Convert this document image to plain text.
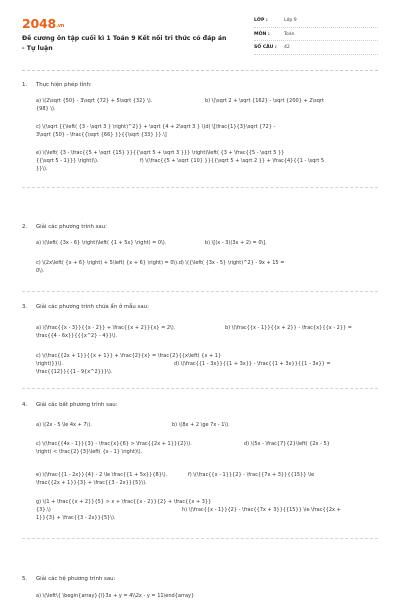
2048.vn
Đề cương ôn tập cuối kì 1 Toán 9 Kết nối tri thức có đáp án
- Tự luận
LỚP :	Lớp 9
MÔN :	Toán
SỐ CÂU : 42
1. Thực hiện phép tính:
a) \(2\sqrt {50} - 3\sqrt {72} + 5\sqrt {32} \).	b) \(\sqrt 2 + \sqrt {162} - \sqrt {200} + 2\sqrt
{98} \).
c) \(\sqrt {{\left( {3 - \sqrt 3 } \right)^2}} + \sqrt {4 + 2\sqrt 3 } \)d) \[\frac{1}{3}\sqrt {72} -
3\sqrt {50} - \frac{{\sqrt {66} }}{{\sqrt {33} }}.\]
e) \(\left( {3 - \frac{{5 + \sqrt {15} }}{{\sqrt 5 + \sqrt 3 }}} \right)\left( {3 + \frac{{5 - \sqrt 5 }}
{{\sqrt 5 - 1}}} \right)\).	f) \(\frac{{5 + \sqrt {10} }}{{\sqrt 5 + \sqrt 2 }} + \frac{4}{{1 - \sqrt 5
}}\).
2. Giải các phương trình sau:
a) \(\left( {3x - 6} \right)\left( {1 + 5x} \right) = 0\).	b) \[(x - 3)(3x + 2) = 0\].
c) \(2x\left( {x + 6} \right) + 5\left( {x + 6} \right) = 0\).d) \({\left( {3x - 5} \right)^2} - 9x + 15 =
0\).
3. Giải các phương trình chứa ẩn ở mẫu sau:
a) \(\frac{{x - 3}}{{x - 2}} + \frac{{x + 2}}{x} = 2\).	b) \(\frac{{x - 1}}{{x + 2}} - \frac{x}{{x - 2}} =
\frac{{4 - 6x}}{{{x^2} - 4}}\).
c) \(\frac{{2x + 1}}{{x + 1}} + \frac{2}{x} = \frac{2}{{x\left( {x + 1}
\right)}}\).	d) \(\frac{{1 - 3x}}{{1 + 3x}} - \frac{{1 + 3x}}{{1 - 3x}} =
\frac{{12}}{{1 - 9{x^2}}}\).
4. Giải các bất phương trình sau:
a) \(2x - 5 \le 4x + 7\).	b) \(8x + 2 \ge 7x - 1\).
c) \(\frac{{4x - 1}}{3} - \frac{x}{6} > \frac{{2x + 1}}{2}\).	d) \(5x - \frac{7}{2}\left( {2x - 5}
\right) < \frac{2}{3}\left( {x - 1} \right)\).
e) \(\frac{{1 - 2x}}{4} - 2 \le \frac{{1 + 5x}}{8}\).	f) \(\frac{{x - 1}}{2} - \frac{{7x + 3}}{{15}} \le
\frac{{2x + 1}}{3} + \frac{{3 - 2x}}{5}\).
g) \(1 + \frac{{x + 2}}{5} > x + \frac{{x - 2}}{2} + \frac{{x + 3}}
{3}.\)	h) \(\frac{{x - 1}}{2} - \frac{{7x + 3}}{{15}} \le \frac{{2x +
1}}{3} + \frac{{3 - 2x}}{5}\).
5. Giải các hệ phương trình sau:
a) \(\left\{ \begin{array}{l}3x + y = 4\\2x - y = 11\end{array}
